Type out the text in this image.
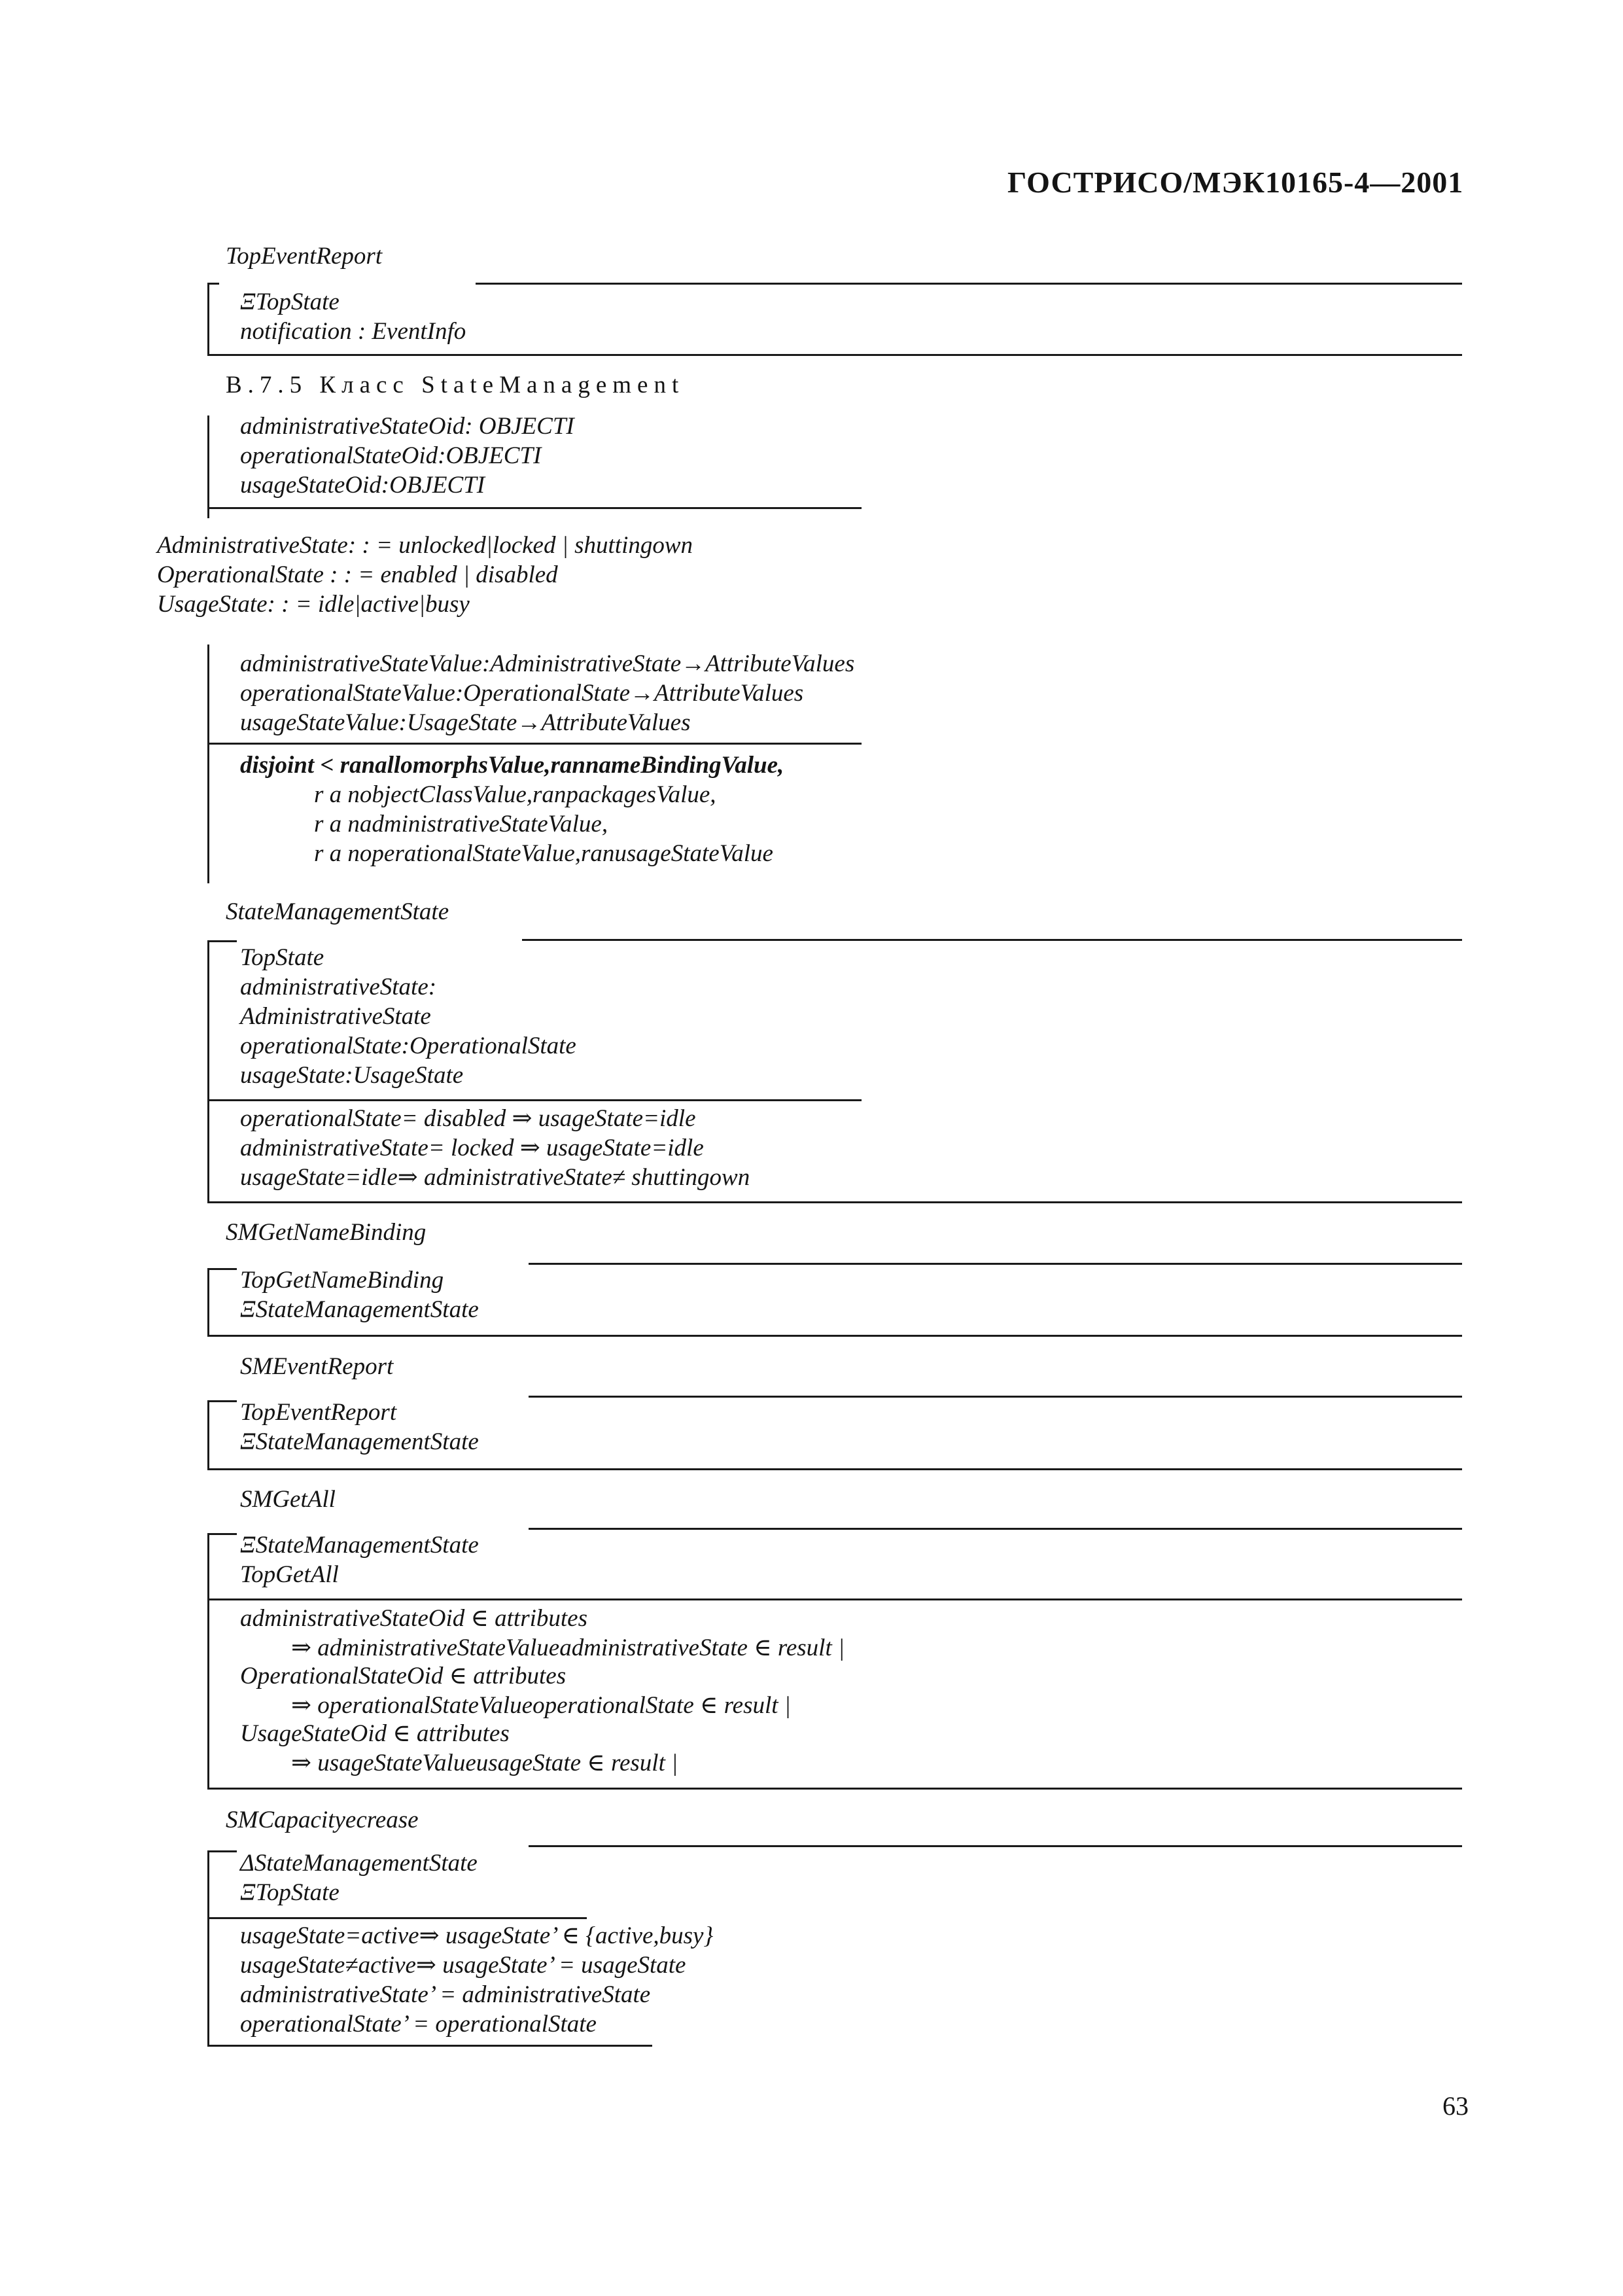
ГОСТРИСО/МЭК10165-4—2001
TopEventReport
ΞTopState
notification : EventInfo
В.7.5 Класс StateManagement
administrativeStateOid: OBJECTI
operationalStateOid:OBJECTI
usageStateOid:OBJECTI
AdministrativeState: : = unlocked|locked | shuttingown
OperationalState : : = enabled | disabled
UsageState: : = idle|active|busy
administrativeStateValue:AdministrativeState→AttributeValues
operationalStateValue:OperationalState→AttributeValues
usageStateValue:UsageState→AttributeValues
disjoint < ranallomorphsValue,rannameBindingValue,
r a nobjectClassValue,ranpackagesValue,
r a nadministrativeStateValue,
r a noperationalStateValue,ranusageStateValue
StateManagementState
TopState
administrativeState:
AdministrativeState
operationalState:OperationalState
usageState:UsageState
operationalState= disabled ⇒ usageState=idle
administrativeState= locked ⇒ usageState=idle
usageState=idle⇒ administrativeState≠ shuttingown
SMGetNameBinding
TopGetNameBinding
ΞStateManagementState
SMEventReport
TopEventReport
ΞStateManagementState
SMGetAll
ΞStateManagementState
TopGetAll
administrativeStateOid ∈ attributes
⇒ administrativeStateValueadministrativeState ∈ result |
OperationalStateOid ∈ attributes
⇒ operationalStateValueoperationalState ∈ result |
UsageStateOid ∈ attributes
⇒ usageStateValueusageState ∈ result |
SMCapacityecrease
ΔStateManagementState
ΞTopState
usageState=active⇒ usageState’ ∈ {active,busy}
usageState≠active⇒ usageState’ = usageState
administrativeState’ = administrativeState
operationalState’ = operationalState
63
